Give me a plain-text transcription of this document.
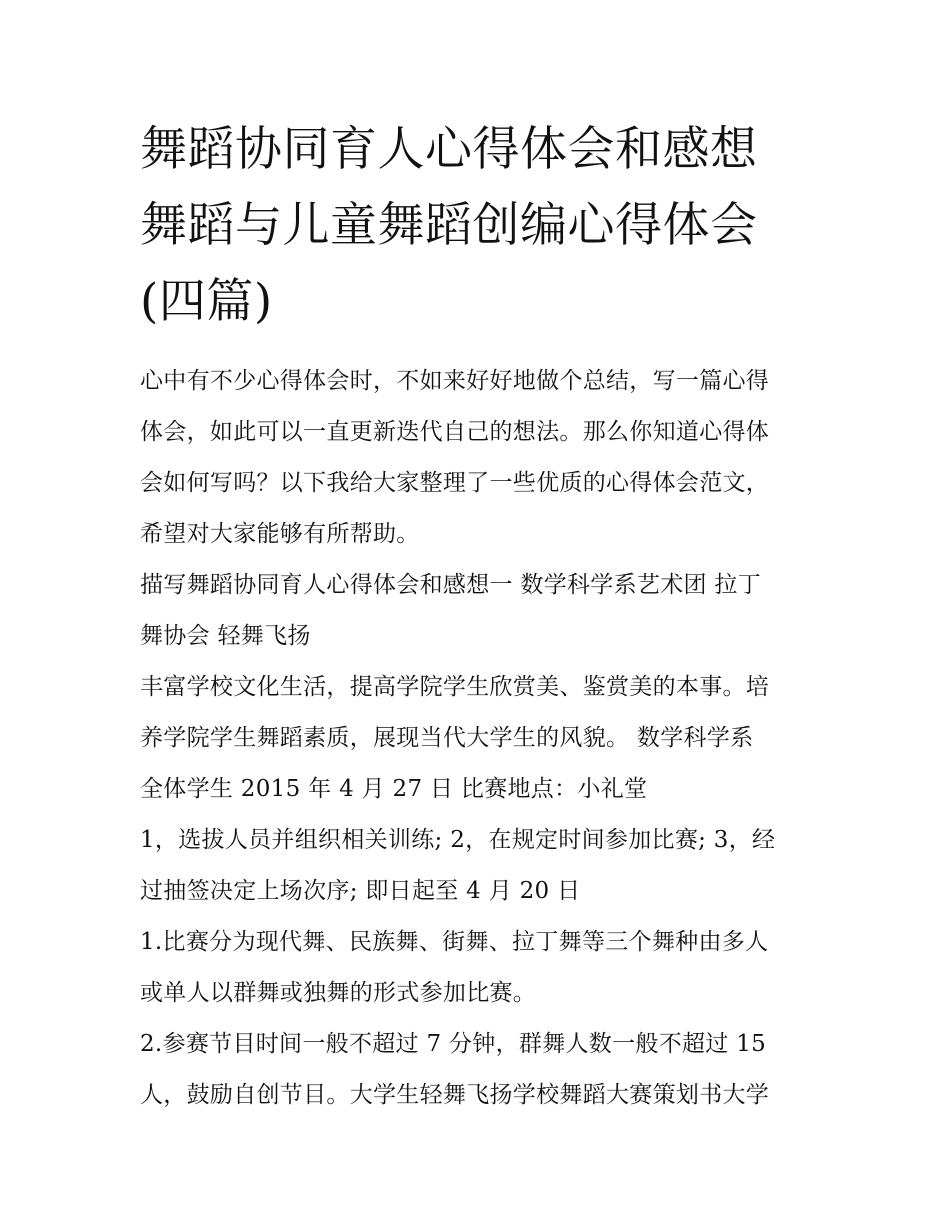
舞蹈协同育人心得体会和感想
舞蹈与儿童舞蹈创编心得体会
(四篇)

心中有不少心得体会时，不如来好好地做个总结，写一篇心得
体会，如此可以一直更新迭代自己的想法。那么你知道心得体
会如何写吗？以下我给大家整理了一些优质的心得体会范文，
希望对大家能够有所帮助。

描写舞蹈协同育人心得体会和感想一 数学科学系艺术团 拉丁
舞协会 轻舞飞扬

丰富学校文化生活，提高学院学生欣赏美、鉴赏美的本事。培
养学院学生舞蹈素质，展现当代大学生的风貌。 数学科学系
全体学生 2015 年 4 月 27 日 比赛地点：小礼堂

1，选拔人员并组织相关训练; 2，在规定时间参加比赛; 3，经
过抽签决定上场次序; 即日起至 4 月 20 日

1.比赛分为现代舞、民族舞、街舞、拉丁舞等三个舞种由多人
或单人以群舞或独舞的形式参加比赛。

2.参赛节目时间一般不超过 7 分钟，群舞人数一般不超过 15
人，鼓励自创节目。大学生轻舞飞扬学校舞蹈大赛策划书大学
